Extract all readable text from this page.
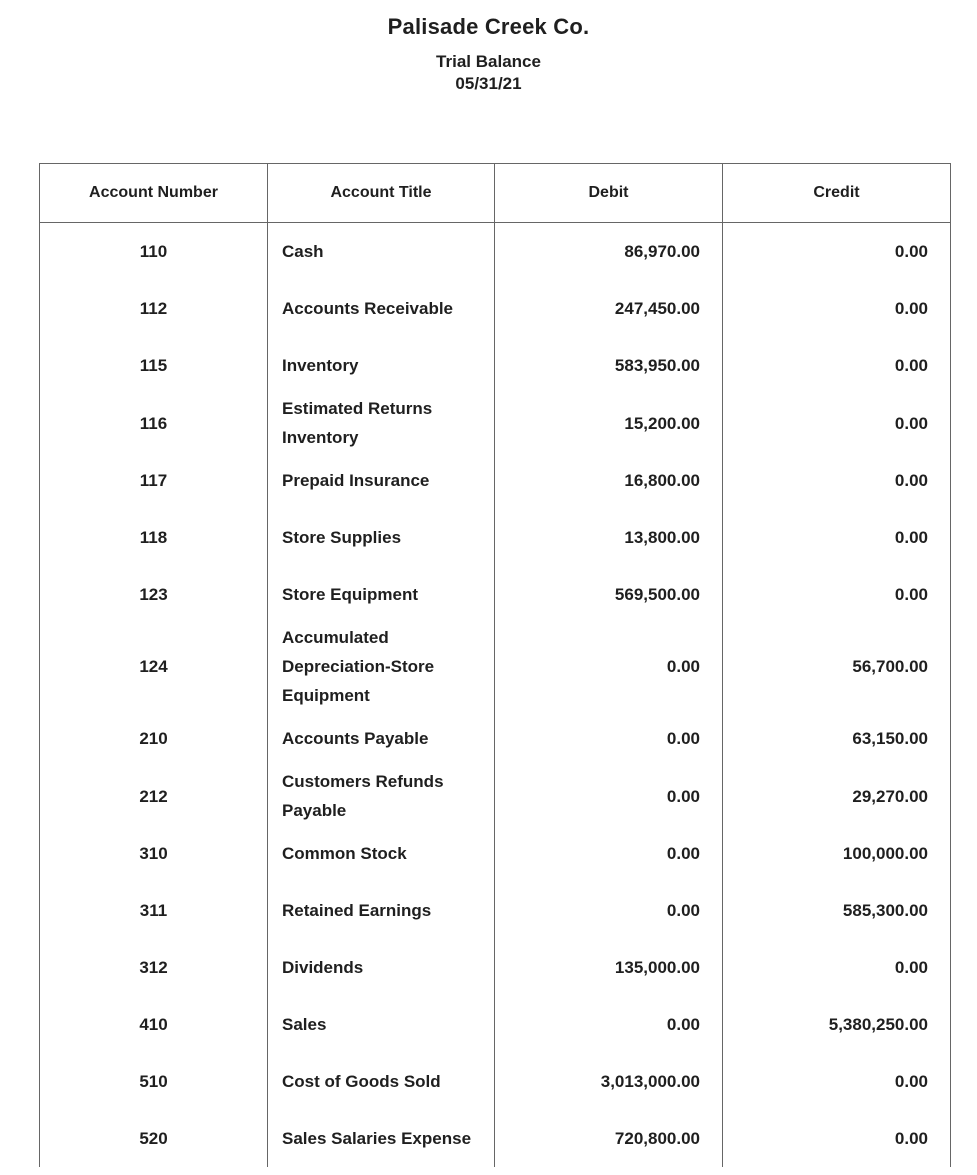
Palisade Creek Co.
Trial Balance
05/31/21
Account Number	Account Title	Debit	Credit
110	Cash	86,970.00	0.00
112	Accounts Receivable	247,450.00	0.00
115	Inventory	583,950.00	0.00
116	Estimated Returns Inventory	15,200.00	0.00
117	Prepaid Insurance	16,800.00	0.00
118	Store Supplies	13,800.00	0.00
123	Store Equipment	569,500.00	0.00
124	Accumulated Depreciation-Store Equipment	0.00	56,700.00
210	Accounts Payable	0.00	63,150.00
212	Customers Refunds Payable	0.00	29,270.00
310	Common Stock	0.00	100,000.00
311	Retained Earnings	0.00	585,300.00
312	Dividends	135,000.00	0.00
410	Sales	0.00	5,380,250.00
510	Cost of Goods Sold	3,013,000.00	0.00
520	Sales Salaries Expense	720,800.00	0.00
